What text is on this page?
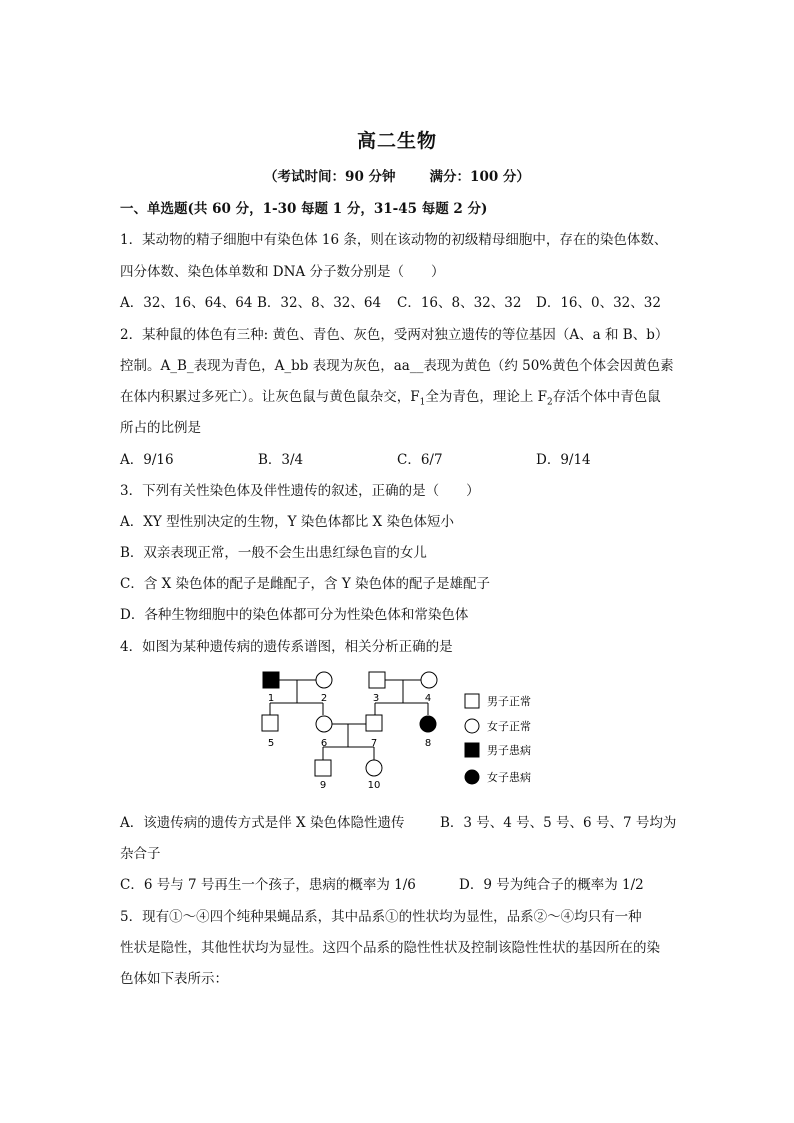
高二生物
（考试时间：90 分钟	满分：100 分）
一、单选题(共 60 分，1-30 每题 1 分，31-45 每题 2 分)
1．某动物的精子细胞中有染色体 16 条，则在该动物的初级精母细胞中，存在的染色体数、
四分体数、染色体单数和 DNA 分子数分别是（　　）
A．32、16、64、64 B．32、8、32、64 C．16、8、32、32 D．16、0、32、32
2．某种鼠的体色有三种: 黄色、青色、灰色，受两对独立遗传的等位基因（A、a 和 B、b）
控制。A_B_表现为青色，A_bb 表现为灰色，aa__表现为黄色（约 50%黄色个体会因黄色素
在体内积累过多死亡）。让灰色鼠与黄色鼠杂交，$F_1$全为青色，理论上 $F_2$存活个体中青色鼠
所占的比例是
A．9/16	B．3/4	C．6/7	D．9/14
3．下列有关性染色体及伴性遗传的叙述，正确的是（　　）
A．XY 型性别决定的生物，Y 染色体都比 X 染色体短小
B．双亲表现正常，一般不会生出患红绿色盲的女儿
C．含 X 染色体的配子是雌配子，含 Y 染色体的配子是雄配子
D．各种生物细胞中的染色体都可分为性染色体和常染色体
4．如图为某种遗传病的遗传系谱图，相关分析正确的是
1	2	3	4
5	6	7	8
9	10
男子正常
女子正常
男子患病
女子患病
A．该遗传病的遗传方式是伴 X 染色体隐性遗传	B．3 号、4 号、5 号、6 号、7 号均为
杂合子
C．6 号与 7 号再生一个孩子，患病的概率为 1/6	D．9 号为纯合子的概率为 1/2
5．现有①～④四个纯种果蝇品系，其中品系①的性状均为显性，品系②～④均只有一种
性状是隐性，其他性状均为显性。这四个品系的隐性性状及控制该隐性性状的基因所在的染
色体如下表所示：
